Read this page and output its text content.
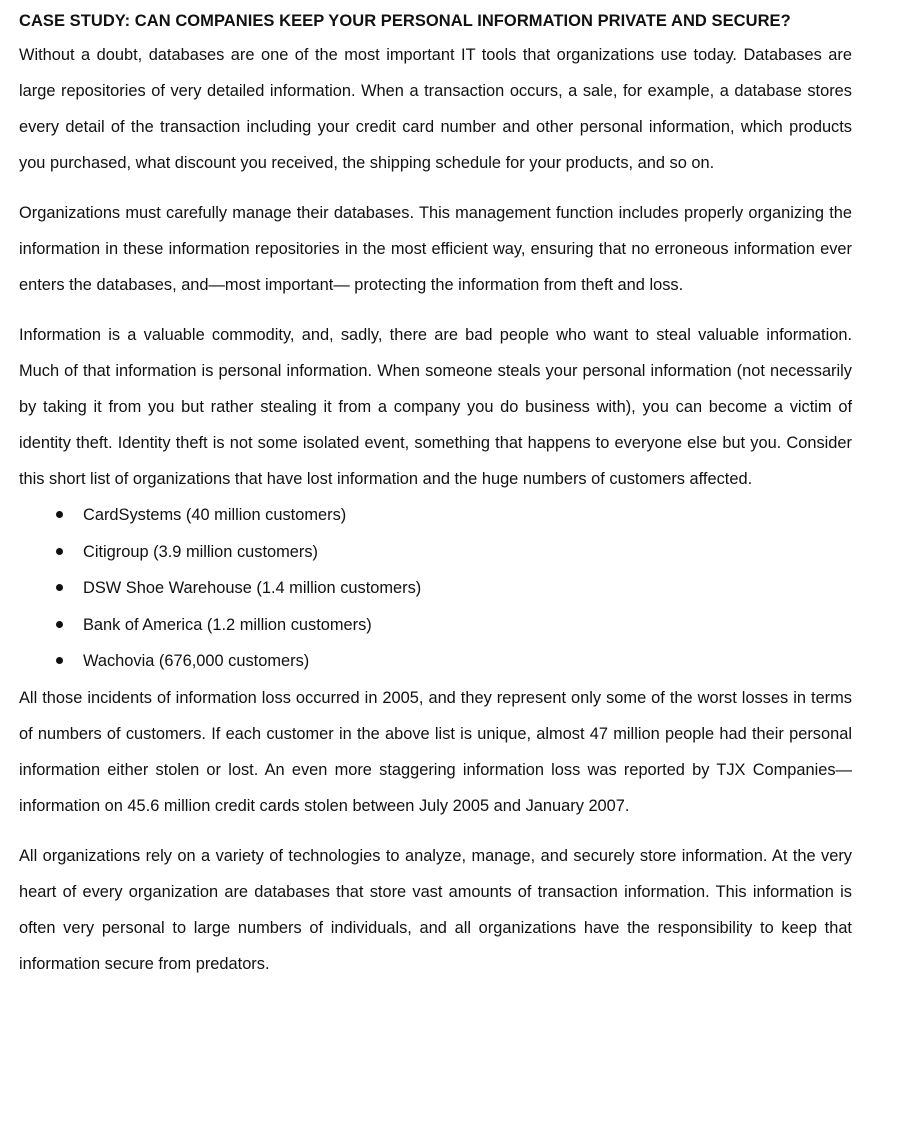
CASE STUDY: CAN COMPANIES KEEP YOUR PERSONAL INFORMATION PRIVATE AND SECURE?

Without a doubt, databases are one of the most important IT tools that organizations use today. Databases are large repositories of very detailed information. When a transaction occurs, a sale, for example, a database stores every detail of the transaction including your credit card number and other personal information, which products you purchased, what discount you received, the shipping schedule for your products, and so on.

Organizations must carefully manage their databases. This management function includes properly organizing the information in these information repositories in the most efficient way, ensuring that no erroneous information ever enters the databases, and—most important— protecting the information from theft and loss.

Information is a valuable commodity, and, sadly, there are bad people who want to steal valuable information. Much of that information is personal information. When someone steals your personal information (not necessarily by taking it from you but rather stealing it from a company you do business with), you can become a victim of identity theft. Identity theft is not some isolated event, something that happens to everyone else but you. Consider this short list of organizations that have lost information and the huge numbers of customers affected.

CardSystems (40 million customers)
Citigroup (3.9 million customers)
DSW Shoe Warehouse (1.4 million customers)
Bank of America (1.2 million customers)
Wachovia (676,000 customers)

All those incidents of information loss occurred in 2005, and they represent only some of the worst losses in terms of numbers of customers. If each customer in the above list is unique, almost 47 million people had their personal information either stolen or lost. An even more staggering information loss was reported by TJX Companies—information on 45.6 million credit cards stolen between July 2005 and January 2007.

All organizations rely on a variety of technologies to analyze, manage, and securely store information. At the very heart of every organization are databases that store vast amounts of transaction information. This information is often very personal to large numbers of individuals, and all organizations have the responsibility to keep that information secure from predators.
